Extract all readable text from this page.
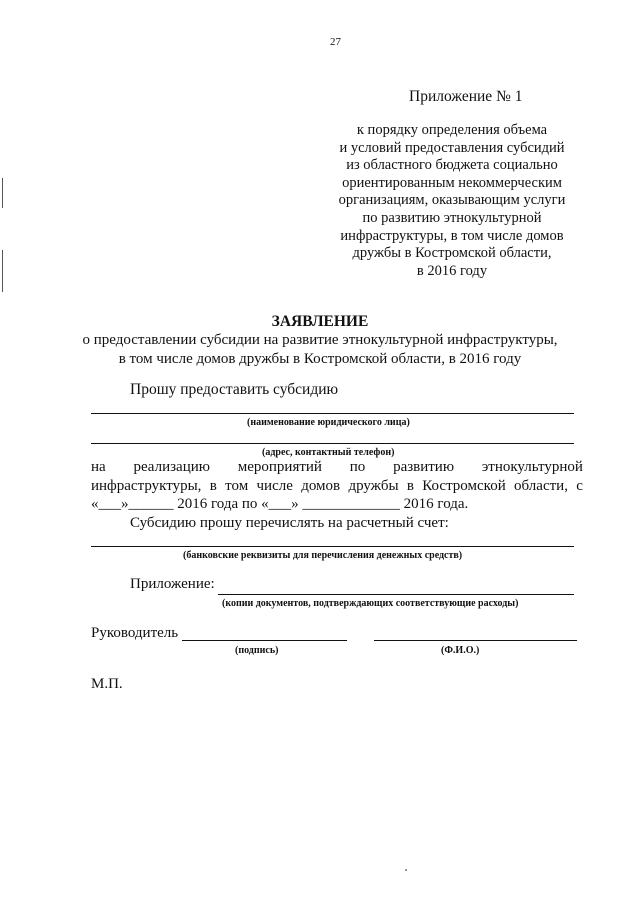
27
Приложение № 1
к порядку определения объема
и условий предоставления субсидий
из областного бюджета социально
ориентированным некоммерческим
организациям, оказывающим услуги
по развитию этнокультурной
инфраструктуры, в том числе домов
дружбы в Костромской области,
в 2016 году
ЗАЯВЛЕНИЕ
о предоставлении субсидии на развитие этнокультурной инфраструктуры,
в том числе домов дружбы в Костромской области, в 2016 году
Прошу предоставить субсидию
(наименование юридического лица)
(адрес, контактный телефон)
на реализацию мероприятий по развитию этнокультурной
инфраструктуры, в том числе домов дружбы в Костромской области, с
«___»______ 2016 года по «___» _____________ 2016 года.
Субсидию прошу перечислять на расчетный счет:
(банковские реквизиты для перечисления денежных средств)
Приложение:
(копии документов, подтверждающих соответствующие расходы)
Руководитель
(подпись)	(Ф.И.О.)
М.П.
